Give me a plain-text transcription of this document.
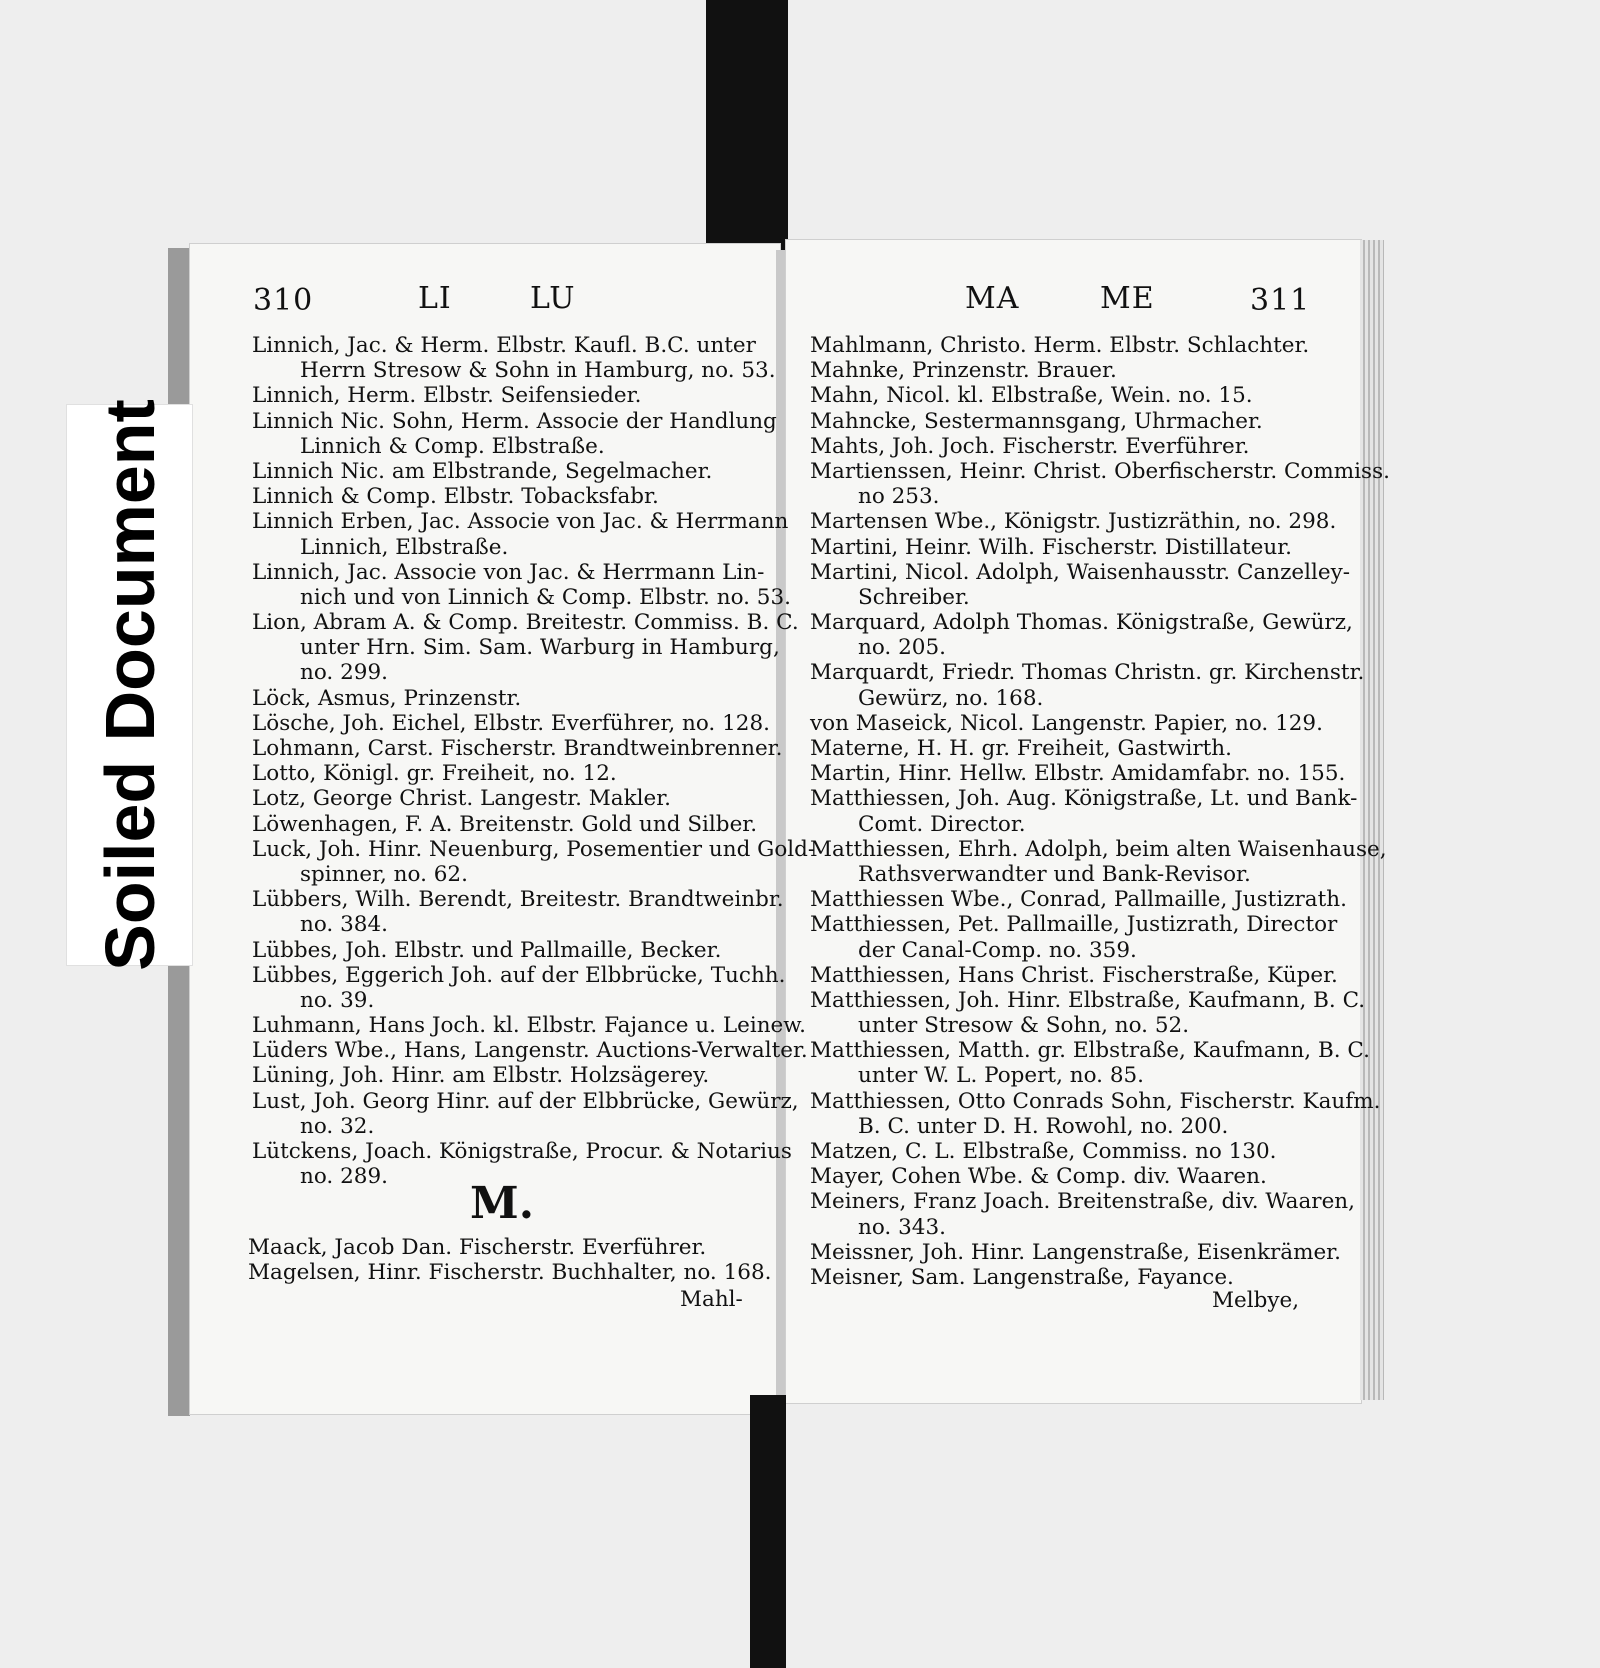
Soiled Document
310	LI	LU
Linnich, Jac. & Herm. Elbstr. Kaufl. B.C. unter
Herrn Stresow & Sohn in Hamburg, no. 53.
Linnich, Herm. Elbstr. Seifensieder.
Linnich Nic. Sohn, Herm. Associe der Handlung
Linnich & Comp. Elbstraße.
Linnich Nic. am Elbstrande, Segelmacher.
Linnich & Comp. Elbstr. Tobacksfabr.
Linnich Erben, Jac. Associe von Jac. & Herrmann
Linnich, Elbstraße.
Linnich, Jac. Associe von Jac. & Herrmann Lin-
nich und von Linnich & Comp. Elbstr. no. 53.
Lion, Abram A. & Comp. Breitestr. Commiss. B. C.
unter Hrn. Sim. Sam. Warburg in Hamburg,
no. 299.
Löck, Asmus, Prinzenstr.
Lösche, Joh. Eichel, Elbstr. Everführer, no. 128.
Lohmann, Carst. Fischerstr. Brandtweinbrenner.
Lotto, Königl. gr. Freiheit, no. 12.
Lotz, George Christ. Langestr. Makler.
Löwenhagen, F. A. Breitenstr. Gold und Silber.
Luck, Joh. Hinr. Neuenburg, Posementier und Gold-
spinner, no. 62.
Lübbers, Wilh. Berendt, Breitestr. Brandtweinbr.
no. 384.
Lübbes, Joh. Elbstr. und Pallmaille, Becker.
Lübbes, Eggerich Joh. auf der Elbbrücke, Tuchh.
no. 39.
Luhmann, Hans Joch. kl. Elbstr. Fajance u. Leinew.
Lüders Wbe., Hans, Langenstr. Auctions-Verwalter.
Lüning, Joh. Hinr. am Elbstr. Holzsägerey.
Lust, Joh. Georg Hinr. auf der Elbbrücke, Gewürz,
no. 32.
Lütckens, Joach. Königstraße, Procur. & Notarius
no. 289.
M.
Maack, Jacob Dan. Fischerstr. Everführer.
Magelsen, Hinr. Fischerstr. Buchhalter, no. 168.
Mahl-
MA	ME	311
Mahlmann, Christo. Herm. Elbstr. Schlachter.
Mahnke, Prinzenstr. Brauer.
Mahn, Nicol. kl. Elbstraße, Wein. no. 15.
Mahncke, Sestermannsgang, Uhrmacher.
Mahts, Joh. Joch. Fischerstr. Everführer.
Martienssen, Heinr. Christ. Oberfischerstr. Commiss.
no 253.
Martensen Wbe., Königstr. Justizräthin, no. 298.
Martini, Heinr. Wilh. Fischerstr. Distillateur.
Martini, Nicol. Adolph, Waisenhausstr. Canzelley-
Schreiber.
Marquard, Adolph Thomas. Königstraße, Gewürz,
no. 205.
Marquardt, Friedr. Thomas Christn. gr. Kirchenstr.
Gewürz, no. 168.
von Maseick, Nicol. Langenstr. Papier, no. 129.
Materne, H. H. gr. Freiheit, Gastwirth.
Martin, Hinr. Hellw. Elbstr. Amidamfabr. no. 155.
Matthiessen, Joh. Aug. Königstraße, Lt. und Bank-
Comt. Director.
Matthiessen, Ehrh. Adolph, beim alten Waisenhause,
Rathsverwandter und Bank-Revisor.
Matthiessen Wbe., Conrad, Pallmaille, Justizrath.
Matthiessen, Pet. Pallmaille, Justizrath, Director
der Canal-Comp. no. 359.
Matthiessen, Hans Christ. Fischerstraße, Küper.
Matthiessen, Joh. Hinr. Elbstraße, Kaufmann, B. C.
unter Stresow & Sohn, no. 52.
Matthiessen, Matth. gr. Elbstraße, Kaufmann, B. C.
unter W. L. Popert, no. 85.
Matthiessen, Otto Conrads Sohn, Fischerstr. Kaufm.
B. C. unter D. H. Rowohl, no. 200.
Matzen, C. L. Elbstraße, Commiss. no 130.
Mayer, Cohen Wbe. & Comp. div. Waaren.
Meiners, Franz Joach. Breitenstraße, div. Waaren,
no. 343.
Meissner, Joh. Hinr. Langenstraße, Eisenkrämer.
Meisner, Sam. Langenstraße, Fayance.
Melbye,
